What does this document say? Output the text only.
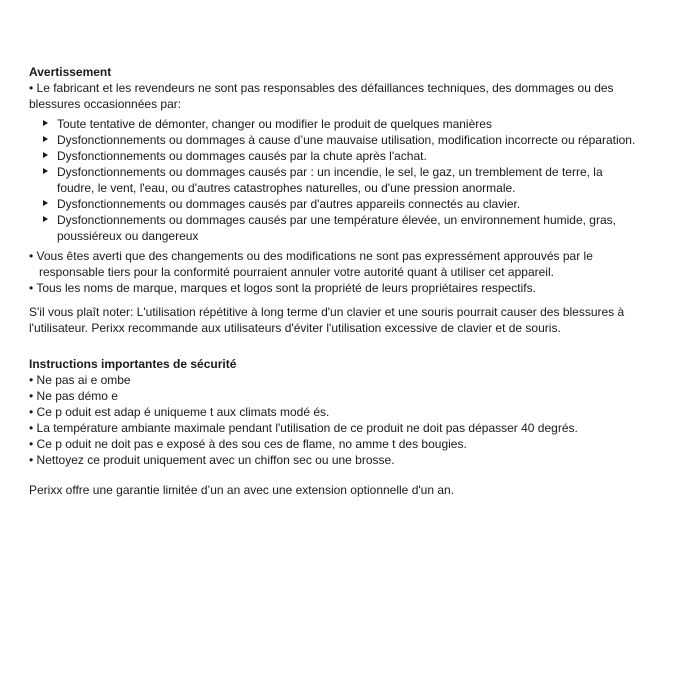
Avertissement

• Le fabricant et les revendeurs ne sont pas responsables des défaillances techniques, des dommages ou des blessures occasionnées par:

Toute tentative de démonter, changer ou modifier le produit de quelques manières
Dysfonctionnements ou dommages à cause d’une mauvaise utilisation, modification incorrecte ou réparation.
Dysfonctionnements ou dommages causés par la chute après l'achat.
Dysfonctionnements ou dommages causés par : un incendie, le sel, le gaz, un tremblement de terre, la foudre, le vent, l'eau, ou d'autres catastrophes naturelles, ou d'une pression anormale.
Dysfonctionnements ou dommages causés par d'autres appareils connectés au clavier.
Dysfonctionnements ou dommages causés par une température élevée, un environnement humide, gras, poussiéreux ou dangereux

• Vous êtes averti que des changements ou des modifications ne sont pas expressément approuvés par le responsable tiers pour la conformité pourraient annuler votre autorité quant à utiliser cet appareil.

• Tous les noms de marque, marques et logos sont la propriété de leurs propriétaires respectifs.

S'il vous plaît noter: L'utilisation répétitive à long terme d'un clavier et une souris pourrait causer des blessures à l'utilisateur. Perixx recommande aux utilisateurs d'éviter l'utilisation excessive de clavier et de souris.

Instructions importantes de sécurité

• Ne pas ai e ombe

• Ne pas démo e

• Ce p oduit est adap é uniqueme t aux climats modé és.

• La température ambiante maximale pendant l'utilisation de ce produit ne doit pas dépasser 40 degrés.

• Ce p oduit ne doit pas e exposé à des sou ces de flame, no amme t des bougies.

• Nettoyez ce produit uniquement avec un chiffon sec ou une brosse.

Perixx offre une garantie limitée d’un an avec une extension optionnelle d'un an.
